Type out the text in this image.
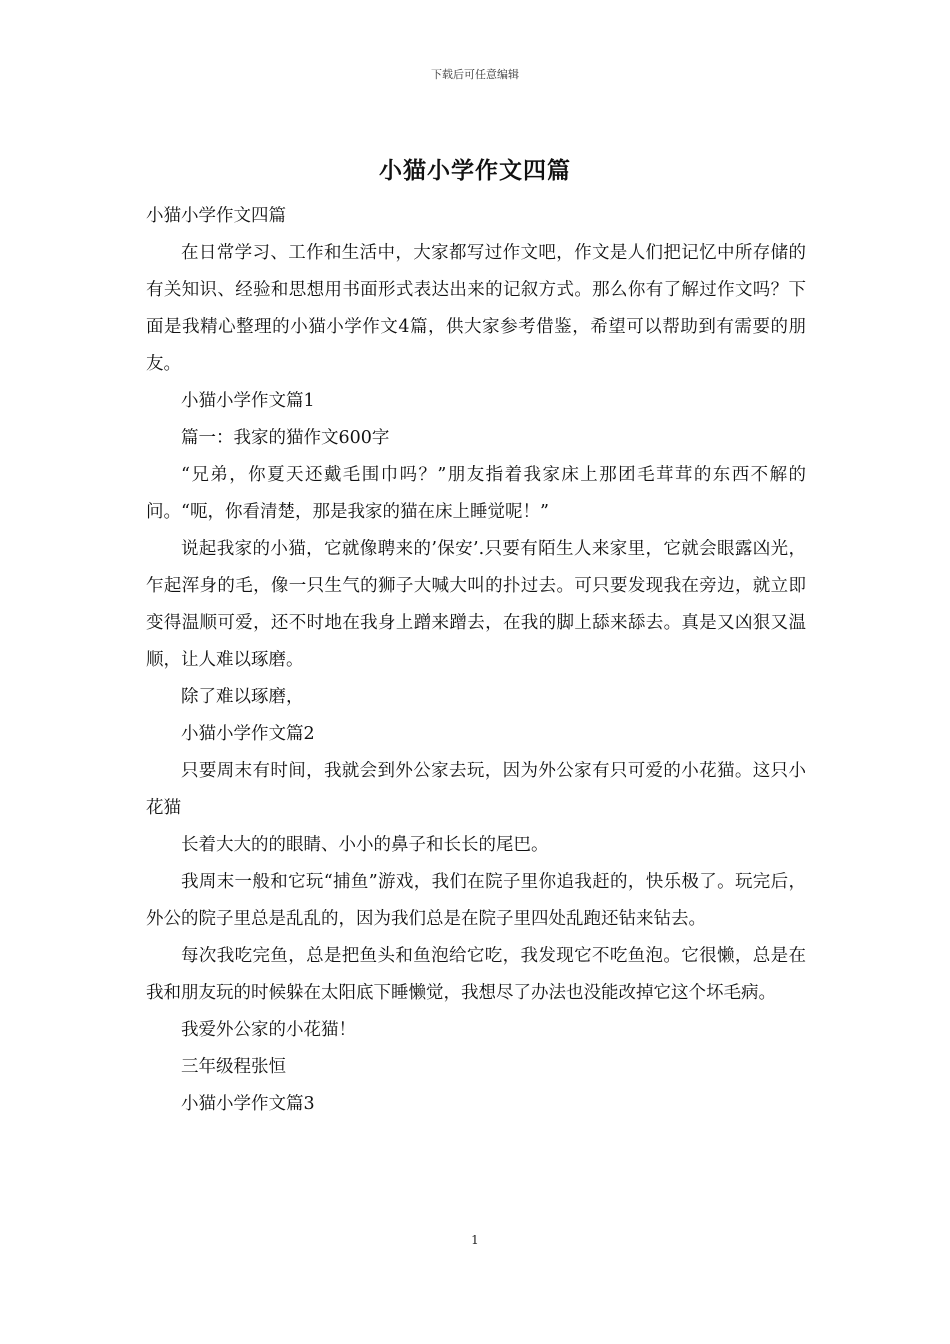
下载后可任意编辑
小猫小学作文四篇

小猫小学作文四篇

在日常学习、工作和生活中，大家都写过作文吧，作文是人们把记忆中所存储的有关知识、经验和思想用书面形式表达出来的记叙方式。那么你有了解过作文吗？下面是我精心整理的小猫小学作文4篇，供大家参考借鉴，希望可以帮助到有需要的朋友。

小猫小学作文篇1

篇一：我家的猫作文600字

“兄弟，你夏天还戴毛围巾吗？”朋友指着我家床上那团毛茸茸的东西不解的问。“呃，你看清楚，那是我家的猫在床上睡觉呢！”

说起我家的小猫，它就像聘来的’保安’.只要有陌生人来家里，它就会眼露凶光，乍起浑身的毛，像一只生气的狮子大喊大叫的扑过去。可只要发现我在旁边，就立即变得温顺可爱，还不时地在我身上蹭来蹭去，在我的脚上舔来舔去。真是又凶狠又温顺，让人难以琢磨。

除了难以琢磨，

小猫小学作文篇2

只要周末有时间，我就会到外公家去玩，因为外公家有只可爱的小花猫。这只小花猫

长着大大的的眼睛、小小的鼻子和长长的尾巴。

我周末一般和它玩“捕鱼”游戏，我们在院子里你追我赶的，快乐极了。玩完后，外公的院子里总是乱乱的，因为我们总是在院子里四处乱跑还钻来钻去。

每次我吃完鱼，总是把鱼头和鱼泡给它吃，我发现它不吃鱼泡。它很懒，总是在我和朋友玩的时候躲在太阳底下睡懒觉，我想尽了办法也没能改掉它这个坏毛病。

我爱外公家的小花猫！

三年级程张恒

小猫小学作文篇3

1
